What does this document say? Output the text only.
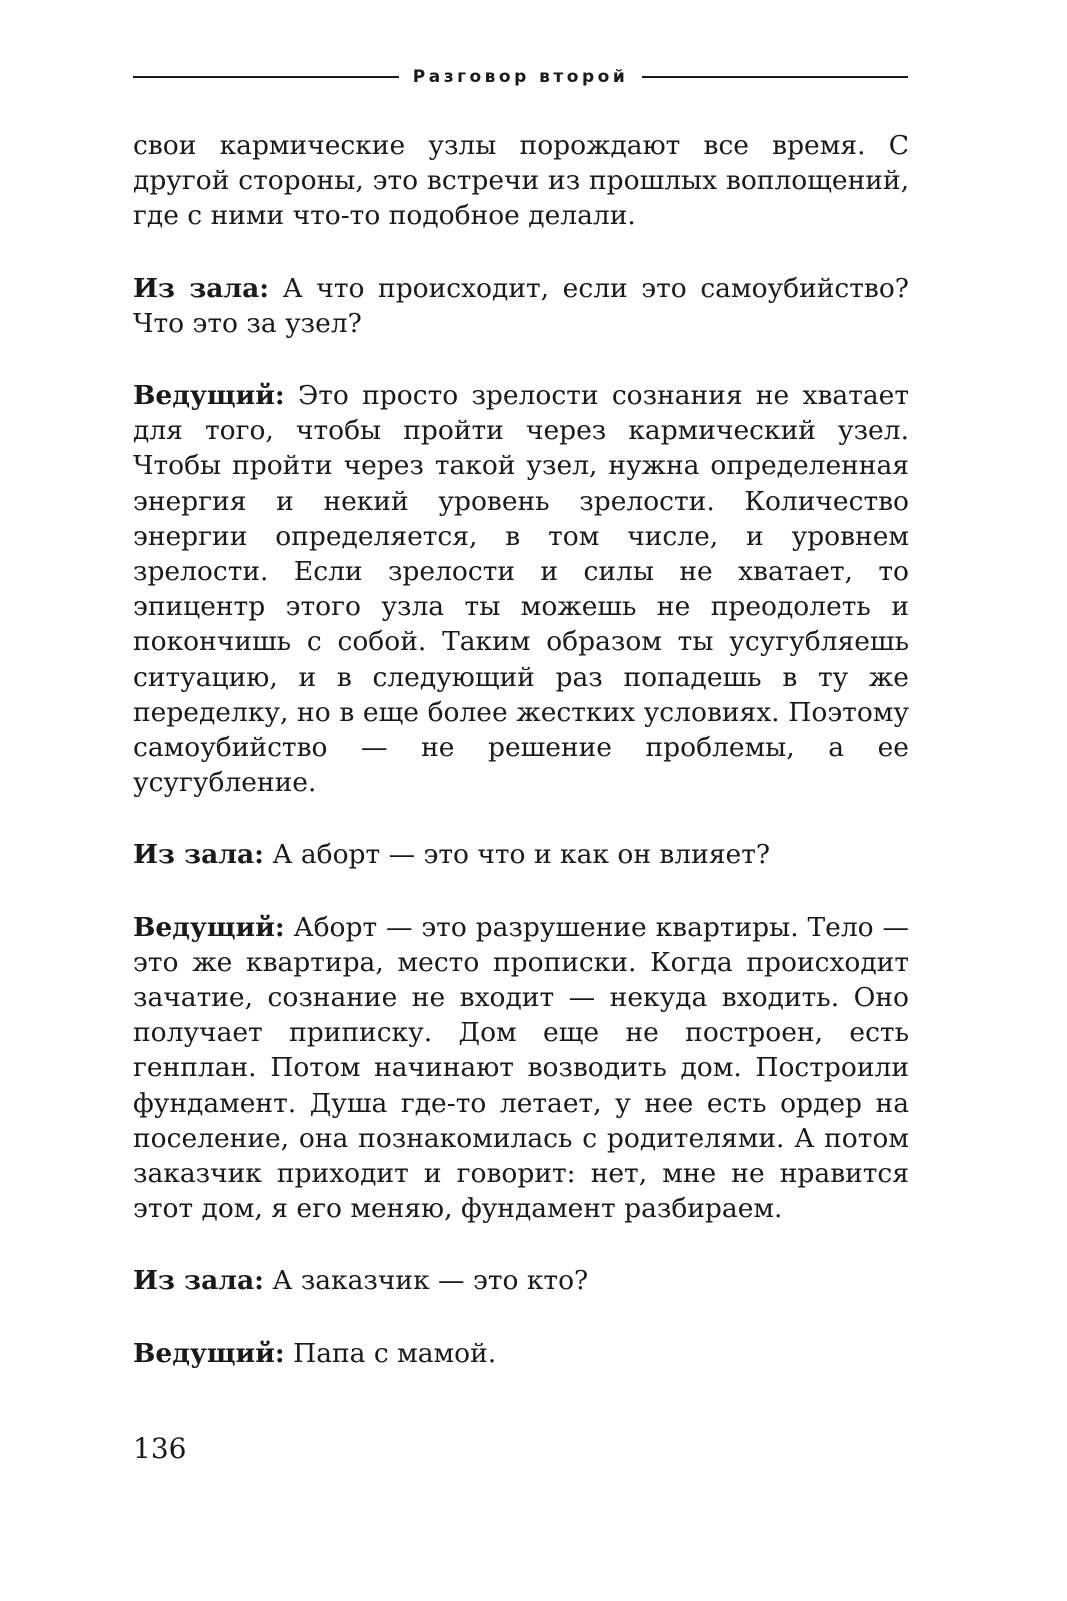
Разговор второй

свои кармические узлы порождают все время. С другой стороны, это встречи из прошлых воплощений, где с ними что-то подобное делали.

Из зала: А что происходит, если это самоубийство? Что это за узел?

Ведущий: Это просто зрелости сознания не хватает для того, чтобы пройти через кармический узел. Чтобы пройти через такой узел, нужна определенная энергия и некий уровень зрелости. Количество энергии определяется, в том числе, и уровнем зрелости. Если зрелости и силы не хватает, то эпицентр этого узла ты можешь не преодолеть и покончишь с собой. Таким образом ты усугубляешь ситуацию, и в следующий раз попадешь в ту же переделку, но в еще более жестких условиях. Поэтому самоубийство — не решение проблемы, а ее усугубление.

Из зала: А аборт — это что и как он влияет?

Ведущий: Аборт — это разрушение квартиры. Тело — это же квартира, место прописки. Когда происходит зачатие, сознание не входит — некуда входить. Оно получает приписку. Дом еще не построен, есть генплан. Потом начинают возводить дом. Построили фундамент. Душа где-то летает, у нее есть ордер на поселение, она познакомилась с родителями. А потом заказчик приходит и говорит: нет, мне не нравится этот дом, я его меняю, фундамент разбираем.

Из зала: А заказчик — это кто?

Ведущий: Папа с мамой.

136
